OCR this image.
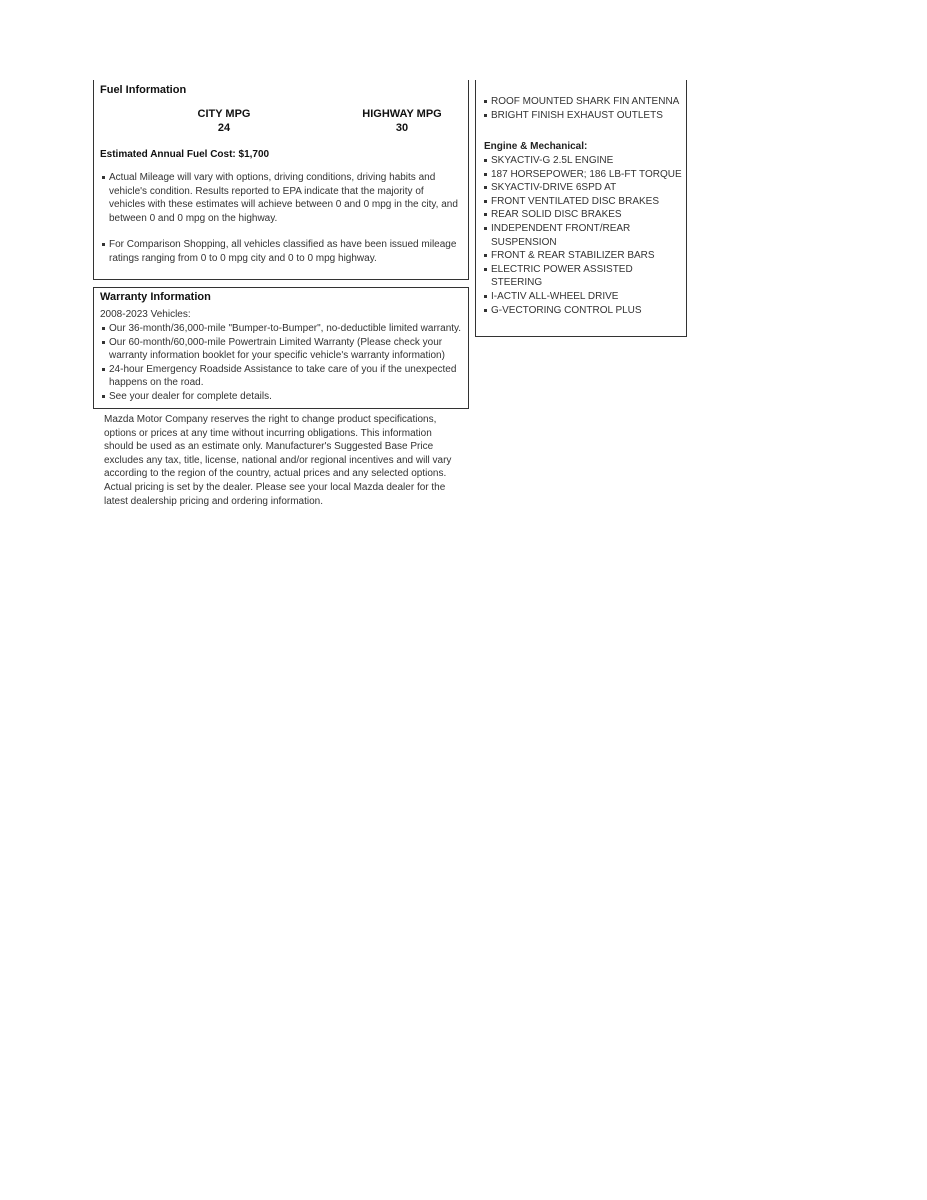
Fuel Information
CITY MPG
24
HIGHWAY MPG
30
Estimated Annual Fuel Cost: $1,700
Actual Mileage will vary with options, driving conditions, driving habits and vehicle's condition. Results reported to EPA indicate that the majority of vehicles with these estimates will achieve between 0 and 0 mpg in the city, and between 0 and 0 mpg on the highway.
For Comparison Shopping, all vehicles classified as have been issued mileage ratings ranging from 0 to 0 mpg city and 0 to 0 mpg highway.
Warranty Information
2008-2023 Vehicles:
Our 36-month/36,000-mile "Bumper-to-Bumper", no-deductible limited warranty.
Our 60-month/60,000-mile Powertrain Limited Warranty (Please check your warranty information booklet for your specific vehicle's warranty information)
24-hour Emergency Roadside Assistance to take care of you if the unexpected happens on the road.
See your dealer for complete details.
Mazda Motor Company reserves the right to change product specifications, options or prices at any time without incurring obligations. This information should be used as an estimate only. Manufacturer's Suggested Base Price excludes any tax, title, license, national and/or regional incentives and will vary according to the region of the country, actual prices and any selected options. Actual pricing is set by the dealer. Please see your local Mazda dealer for the latest dealership pricing and ordering information.
ROOF MOUNTED SHARK FIN ANTENNA
BRIGHT FINISH EXHAUST OUTLETS
Engine & Mechanical:
SKYACTIV-G 2.5L ENGINE
187 HORSEPOWER; 186 LB-FT TORQUE
SKYACTIV-DRIVE 6SPD AT
FRONT VENTILATED DISC BRAKES
REAR SOLID DISC BRAKES
INDEPENDENT FRONT/REAR SUSPENSION
FRONT & REAR STABILIZER BARS
ELECTRIC POWER ASSISTED STEERING
I-ACTIV ALL-WHEEL DRIVE
G-VECTORING CONTROL PLUS
